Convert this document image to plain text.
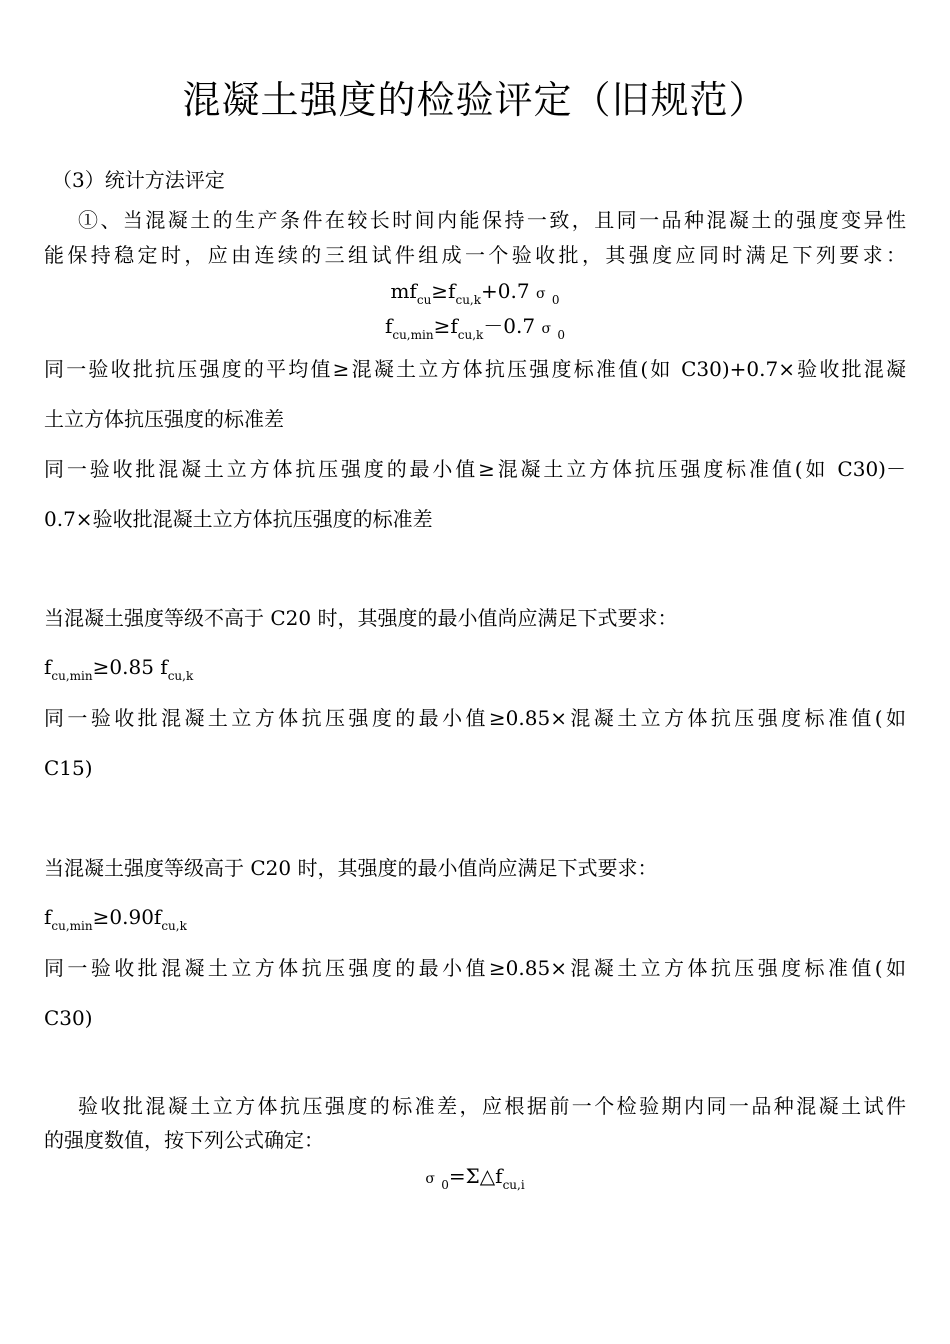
混凝土强度的检验评定（旧规范）
（3）统计方法评定
①、当混凝土的生产条件在较长时间内能保持一致，且同一品种混凝土的强度变异性
能保持稳定时，应由连续的三组试件组成一个验收批，其强度应同时满足下列要求：
$mf_{cu}\ge f_{cu,k}+0.7$ σ $_0$
$f_{cu,min}\ge f_{cu,k}-0.7$ σ $_0$
同一验收批抗压强度的平均值≥混凝土立方体抗压强度标准值(如 C30)+0.7×验收批混凝
土立方体抗压强度的标准差
同一验收批混凝土立方体抗压强度的最小值≥混凝土立方体抗压强度标准值(如 C30)－
0.7×验收批混凝土立方体抗压强度的标准差
当混凝土强度等级不高于 C20 时，其强度的最小值尚应满足下式要求：
$f_{cu,min}\ge 0.85$ $f_{cu,k}$
同一验收批混凝土立方体抗压强度的最小值≥0.85×混凝土立方体抗压强度标准值(如
C15)
当混凝土强度等级高于 C20 时，其强度的最小值尚应满足下式要求：
$f_{cu,min}\ge 0.90f_{cu,k}$
同一验收批混凝土立方体抗压强度的最小值≥0.85×混凝土立方体抗压强度标准值(如
C30)
验收批混凝土立方体抗压强度的标准差，应根据前一个检验期内同一品种混凝土试件
的强度数值，按下列公式确定：
σ $_0=\Sigma\triangle f_{cu,i}$
